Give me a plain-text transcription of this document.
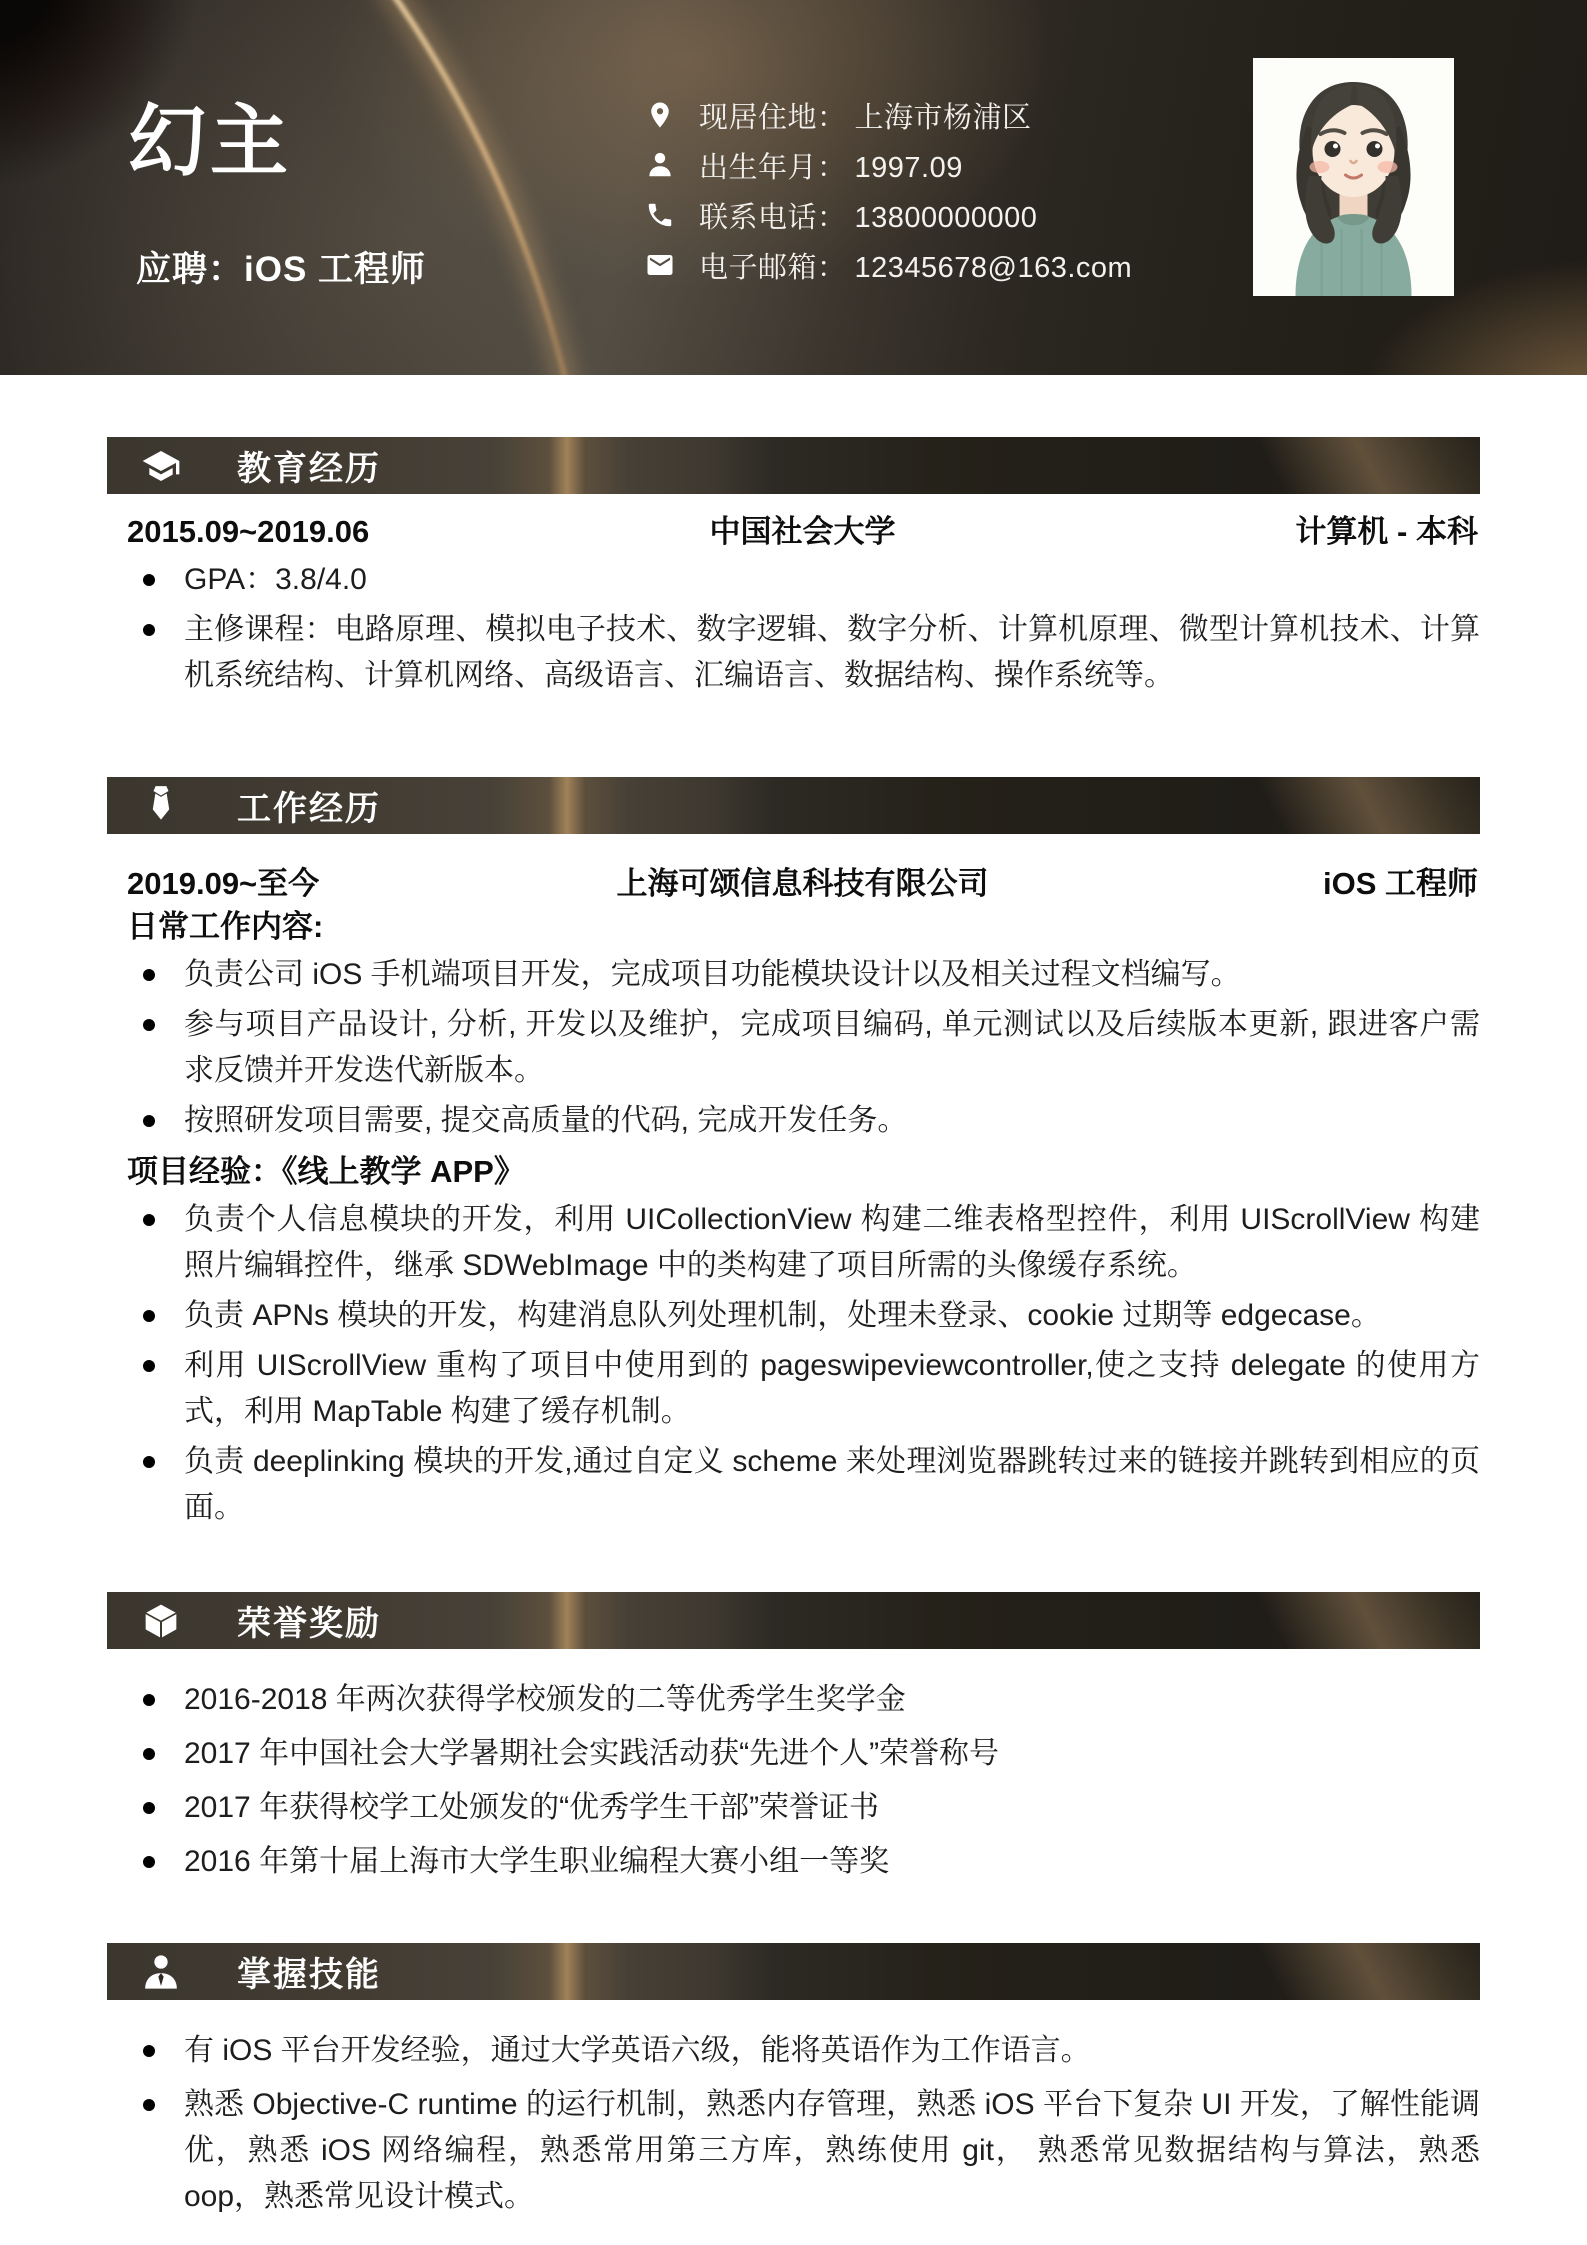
幻主
应聘：iOS 工程师
现居住地： 上海市杨浦区
出生年月： 1997.09
联系电话： 13800000000
电子邮箱： 12345678@163.com
教育经历
2015.09~2019.06	中国社会大学	计算机 - 本科
GPA：3.8/4.0
主修课程：电路原理、模拟电子技术、数字逻辑、数字分析、计算机原理、微型计算机技术、计算机系统结构、计算机网络、高级语言、汇编语言、数据结构、操作系统等。
工作经历
2019.09~至今	上海可颂信息科技有限公司	iOS 工程师
日常工作内容:
负责公司 iOS 手机端项目开发，完成项目功能模块设计以及相关过程文档编写。
参与项目产品设计, 分析, 开发以及维护，完成项目编码, 单元测试以及后续版本更新, 跟进客户需求反馈并开发迭代新版本。
按照研发项目需要, 提交高质量的代码, 完成开发任务。
项目经验：《线上教学 APP》
负责个人信息模块的开发，利用 UICollectionView 构建二维表格型控件，利用 UIScrollView 构建照片编辑控件，继承 SDWebImage 中的类构建了项目所需的头像缓存系统。
负责 APNs 模块的开发，构建消息队列处理机制，处理未登录、cookie 过期等 edgecase。
利用 UIScrollView 重构了项目中使用到的 pageswipeviewcontroller,使之支持 delegate 的使用方式，利用 MapTable 构建了缓存机制。
负责 deeplinking 模块的开发,通过自定义 scheme 来处理浏览器跳转过来的链接并跳转到相应的页面。
荣誉奖励
2016-2018 年两次获得学校颁发的二等优秀学生奖学金
2017 年中国社会大学暑期社会实践活动获“先进个人”荣誉称号
2017 年获得校学工处颁发的“优秀学生干部”荣誉证书
2016 年第十届上海市大学生职业编程大赛小组一等奖
掌握技能
有 iOS 平台开发经验，通过大学英语六级，能将英语作为工作语言。
熟悉 Objective-C runtime 的运行机制，熟悉内存管理，熟悉 iOS 平台下复杂 UI 开发，了解性能调优，熟悉 iOS 网络编程，熟悉常用第三方库，熟练使用 git， 熟悉常见数据结构与算法，熟悉 oop，熟悉常见设计模式。
